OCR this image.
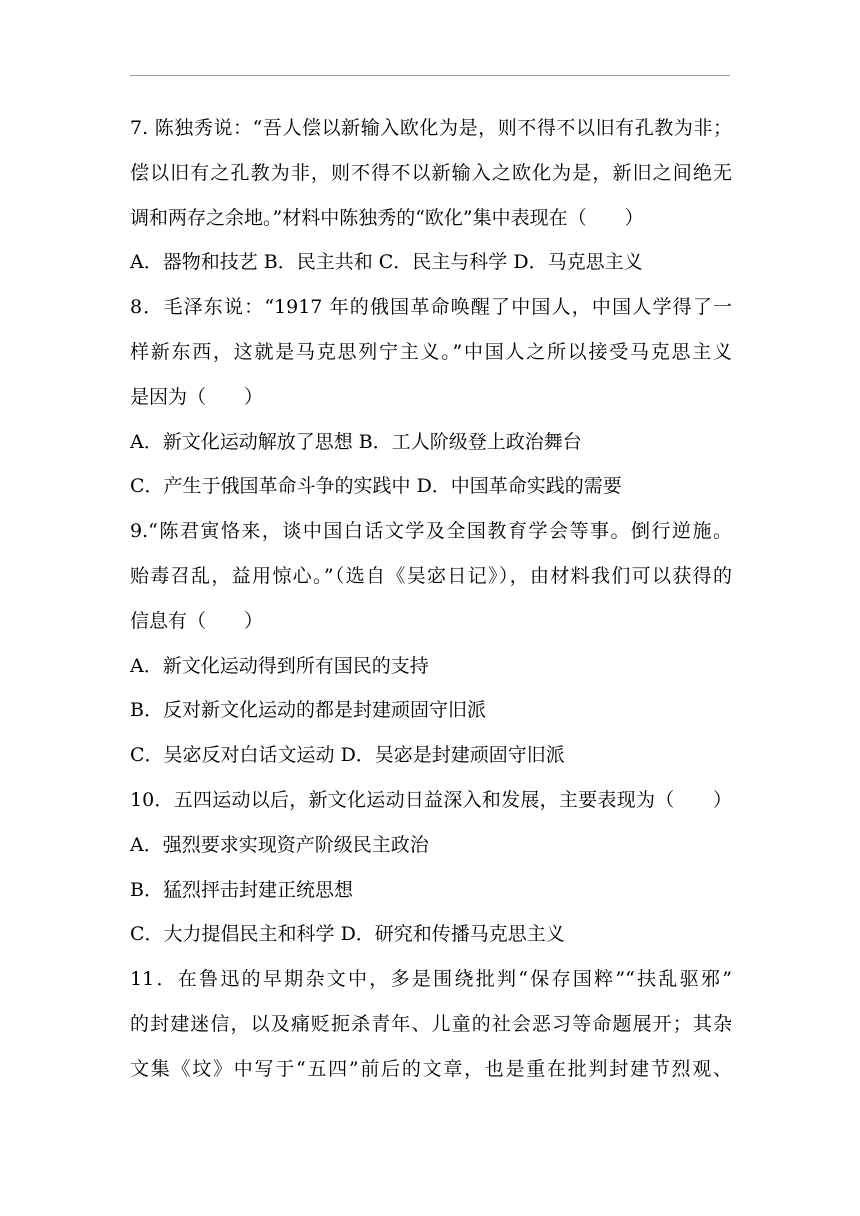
7. 陈独秀说：“吾人偿以新输入欧化为是，则不得不以旧有孔教为非；
偿以旧有之孔教为非，则不得不以新输入之欧化为是，新旧之间绝无
调和两存之余地。”材料中陈独秀的“欧化”集中表现在（　　）
A．器物和技艺 B．民主共和 C．民主与科学 D．马克思主义
8．毛泽东说：“1917 年的俄国革命唤醒了中国人，中国人学得了一
样新东西，这就是马克思列宁主义。”中国人之所以接受马克思主义
是因为（　　）
A．新文化运动解放了思想 B．工人阶级登上政治舞台
C．产生于俄国革命斗争的实践中 D．中国革命实践的需要
9.“陈君寅恪来，谈中国白话文学及全国教育学会等事。倒行逆施。
贻毒召乱，益用惊心。”（选自《吴宓日记》），由材料我们可以获得的
信息有（　　）
A．新文化运动得到所有国民的支持
B．反对新文化运动的都是封建顽固守旧派
C．吴宓反对白话文运动 D．吴宓是封建顽固守旧派
10．五四运动以后，新文化运动日益深入和发展，主要表现为（　　）
A．强烈要求实现资产阶级民主政治
B．猛烈抨击封建正统思想
C．大力提倡民主和科学 D．研究和传播马克思主义
11．在鲁迅的早期杂文中，多是围绕批判“保存国粹”“扶乱驱邪”
的封建迷信，以及痛贬扼杀青年、儿童的社会恶习等命题展开；其杂
文集《坟》中写于“五四”前后的文章，也是重在批判封建节烈观、
